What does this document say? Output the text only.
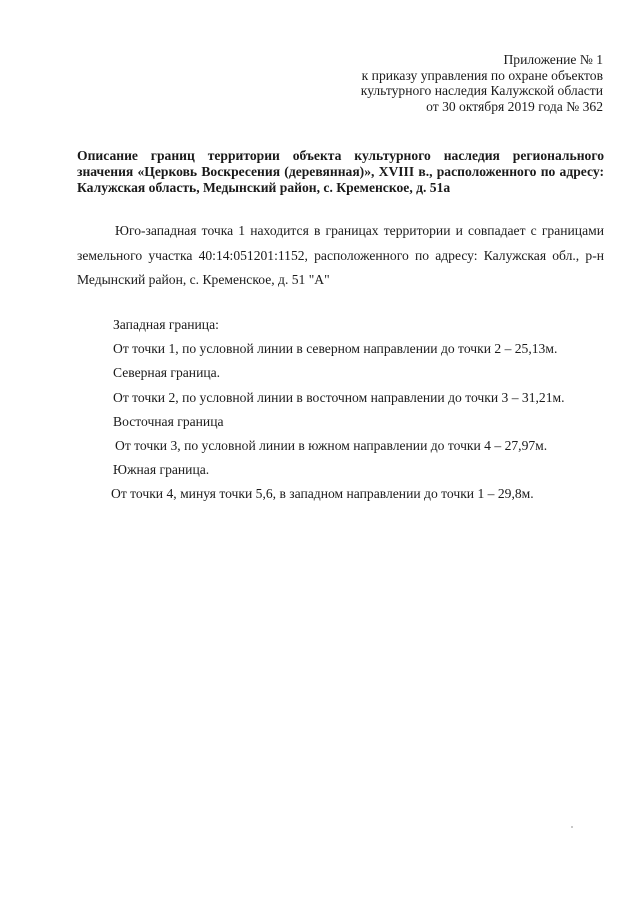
Приложение № 1
к приказу управления по охране объектов
культурного наследия Калужской области
от 30 октября 2019 года № 362
Описание границ территории объекта культурного наследия регионального значения «Церковь Воскресения (деревянная)», XVIII в., расположенного по адресу: Калужская область, Медынский район, с. Кременское, д. 51а
Юго-западная точка 1 находится в границах территории и совпадает с границами земельного участка 40:14:051201:1152, расположенного по адресу: Калужская обл., р-н Медынский район, с. Кременское, д. 51 "А"
Западная граница:
От точки 1, по условной линии в северном направлении до точки 2 – 25,13м.
Северная граница.
От точки 2, по условной линии в восточном направлении до точки 3 – 31,21м.
Восточная граница
От точки 3, по условной линии в южном направлении до точки 4 – 27,97м.
Южная граница.
От точки 4, минуя точки 5,6, в западном направлении до точки 1 – 29,8м.
